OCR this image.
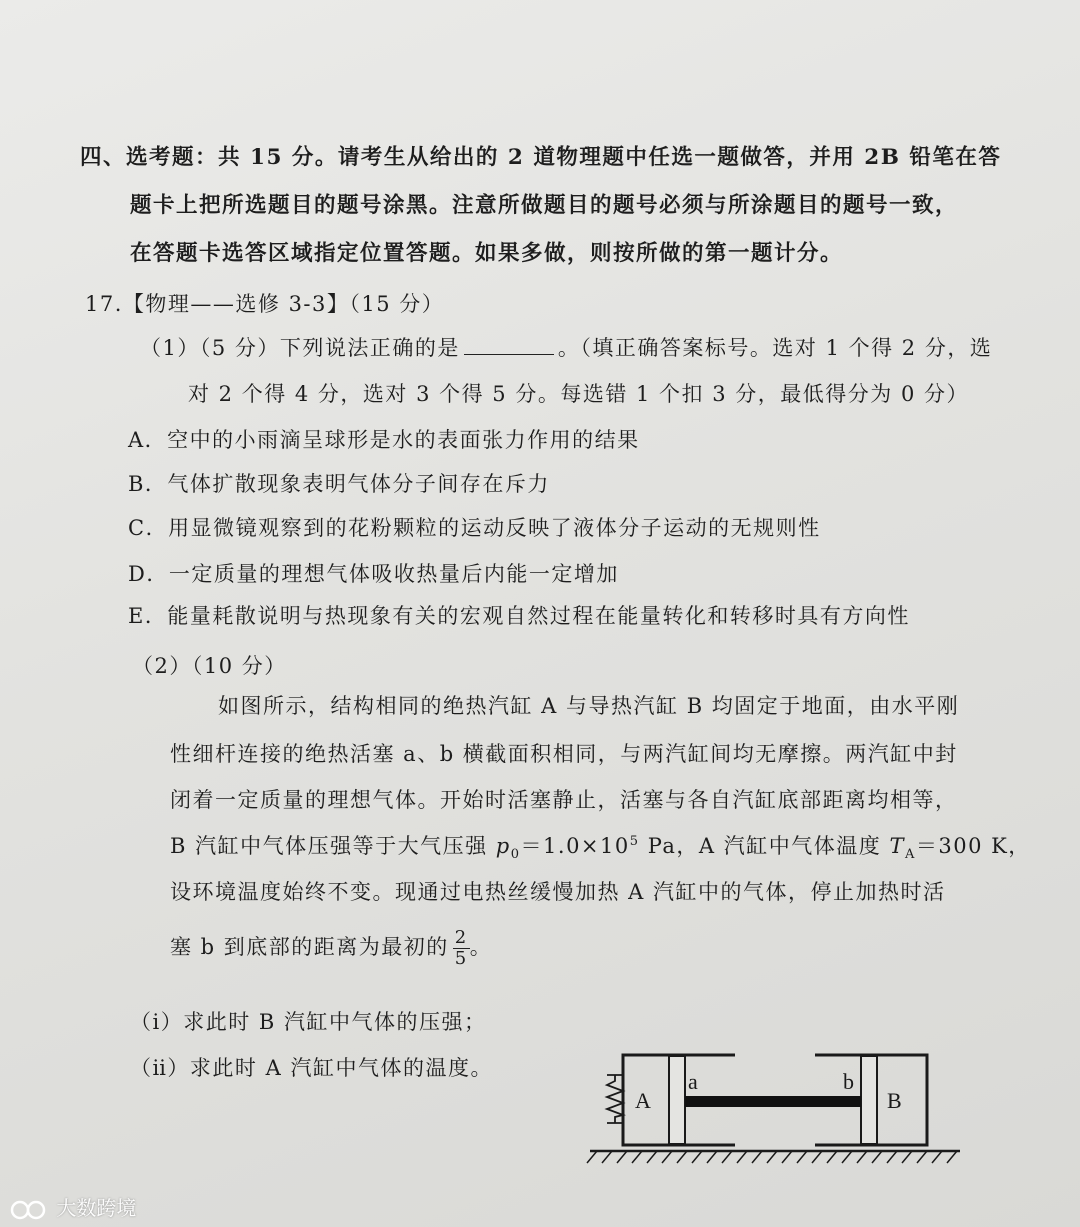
四、选考题：共 15 分。请考生从给出的 2 道物理题中任选一题做答，并用 2B 铅笔在答
题卡上把所选题目的题号涂黑。注意所做题目的题号必须与所涂题目的题号一致，
在答题卡选答区域指定位置答题。如果多做，则按所做的第一题计分。
17.【物理——选修 3-3】（15 分）
（1）（5 分）下列说法正确的是	。（填正确答案标号。选对 1 个得 2 分，选
对 2 个得 4 分，选对 3 个得 5 分。每选错 1 个扣 3 分，最低得分为 0 分）
A．空中的小雨滴呈球形是水的表面张力作用的结果
B．气体扩散现象表明气体分子间存在斥力
C．用显微镜观察到的花粉颗粒的运动反映了液体分子运动的无规则性
D．一定质量的理想气体吸收热量后内能一定增加
E．能量耗散说明与热现象有关的宏观自然过程在能量转化和转移时具有方向性
（2）（10 分）
如图所示，结构相同的绝热汽缸 A 与导热汽缸 B 均固定于地面，由水平刚
性细杆连接的绝热活塞 a、b 横截面积相同，与两汽缸间均无摩擦。两汽缸中封
闭着一定质量的理想气体。开始时活塞静止，活塞与各自汽缸底部距离均相等，
B 汽缸中气体压强等于大气压强 $p_0=1.0\times 10^5$ Pa，A 汽缸中气体温度 $T_A=300$ K，
设环境温度始终不变。现通过电热丝缓慢加热 A 汽缸中的气体，停止加热时活
塞 b 到底部的距离为最初的 $\frac{2}{5}$ 。
（ⅰ）求此时 B 汽缸中气体的压强；
（ⅱ）求此时 A 汽缸中气体的温度。
A
a	b
B
大数跨境
